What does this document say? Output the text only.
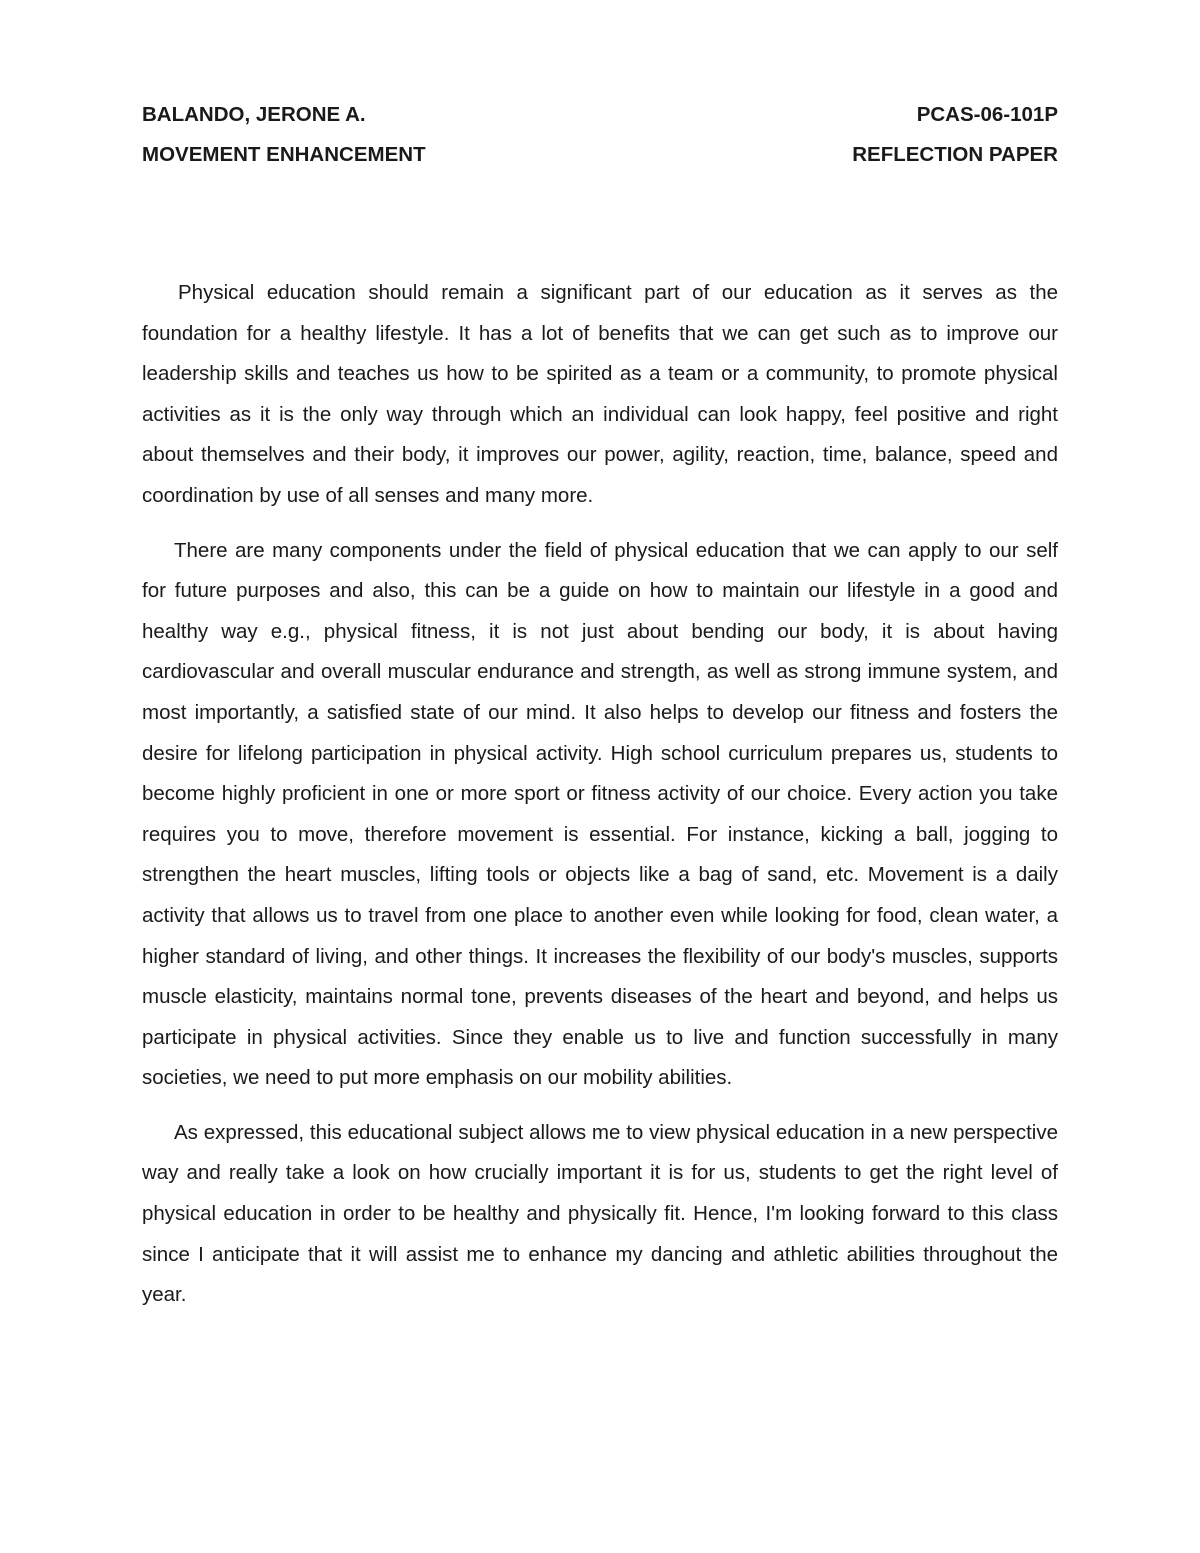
BALANDO, JERONE A.	PCAS-06-101P
MOVEMENT ENHANCEMENT	REFLECTION PAPER

Physical education should remain a significant part of our education as it serves as the foundation for a healthy lifestyle. It has a lot of benefits that we can get such as to improve our leadership skills and teaches us how to be spirited as a team or a community, to promote physical activities as it is the only way through which an individual can look happy, feel positive and right about themselves and their body, it improves our power, agility, reaction, time, balance, speed and coordination by use of all senses and many more.

There are many components under the field of physical education that we can apply to our self for future purposes and also, this can be a guide on how to maintain our lifestyle in a good and healthy way e.g., physical fitness, it is not just about bending our body, it is about having cardiovascular and overall muscular endurance and strength, as well as strong immune system, and most importantly, a satisfied state of our mind. It also helps to develop our fitness and fosters the desire for lifelong participation in physical activity. High school curriculum prepares us, students to become highly proficient in one or more sport or fitness activity of our choice. Every action you take requires you to move, therefore movement is essential. For instance, kicking a ball, jogging to strengthen the heart muscles, lifting tools or objects like a bag of sand, etc. Movement is a daily activity that allows us to travel from one place to another even while looking for food, clean water, a higher standard of living, and other things. It increases the flexibility of our body's muscles, supports muscle elasticity, maintains normal tone, prevents diseases of the heart and beyond, and helps us participate in physical activities. Since they enable us to live and function successfully in many societies, we need to put more emphasis on our mobility abilities.

As expressed, this educational subject allows me to view physical education in a new perspective way and really take a look on how crucially important it is for us, students to get the right level of physical education in order to be healthy and physically fit. Hence, I'm looking forward to this class since I anticipate that it will assist me to enhance my dancing and athletic abilities throughout the year.
